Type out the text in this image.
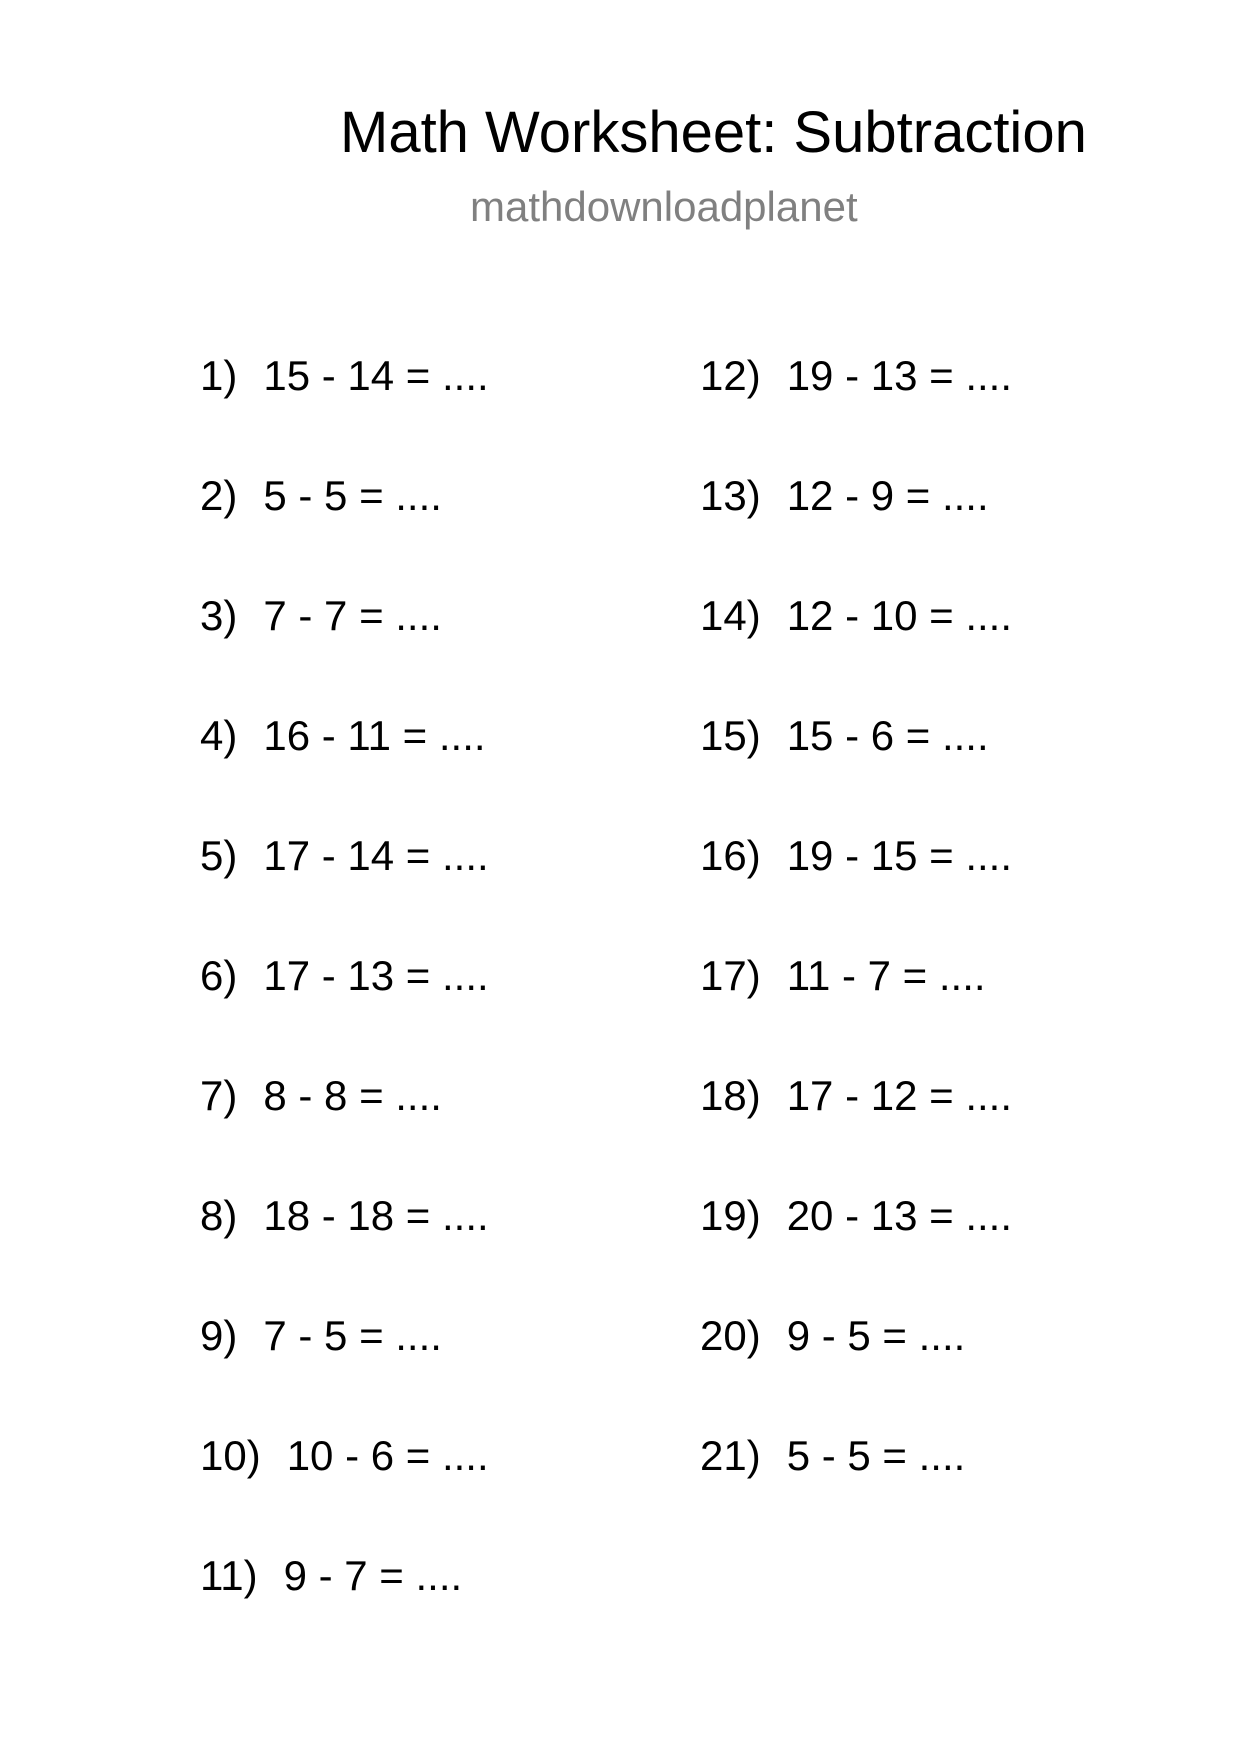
Math Worksheet: Subtraction
mathdownloadplanet
1) 15 - 14 = ....
2) 5 - 5 = ....
3) 7 - 7 = ....
4) 16 - 11 = ....
5) 17 - 14 = ....
6) 17 - 13 = ....
7) 8 - 8 = ....
8) 18 - 18 = ....
9) 7 - 5 = ....
10) 10 - 6 = ....
11) 9 - 7 = ....
12) 19 - 13 = ....
13) 12 - 9 = ....
14) 12 - 10 = ....
15) 15 - 6 = ....
16) 19 - 15 = ....
17) 11 - 7 = ....
18) 17 - 12 = ....
19) 20 - 13 = ....
20) 9 - 5 = ....
21) 5 - 5 = ....
